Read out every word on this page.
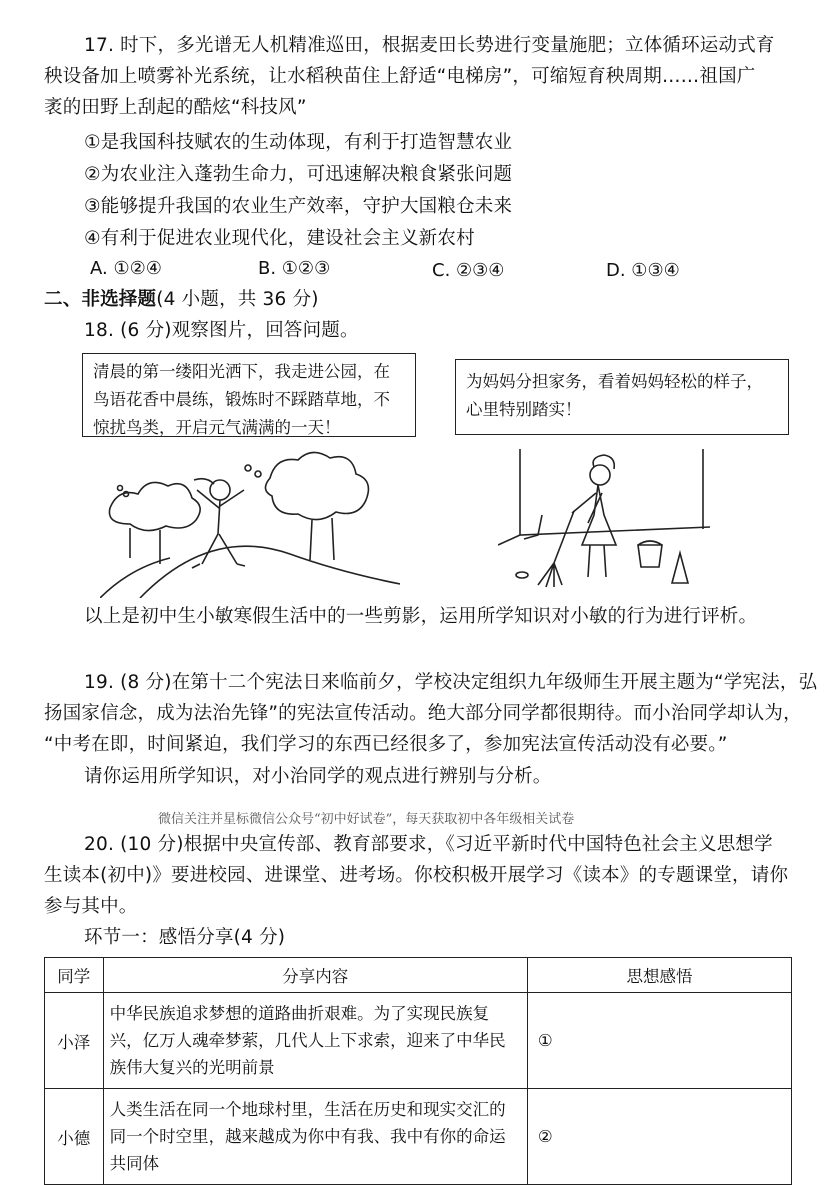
17. 时下，多光谱无人机精准巡田，根据麦田长势进行变量施肥；立体循环运动式育
秧设备加上喷雾补光系统，让水稻秧苗住上舒适“电梯房”，可缩短育秧周期……祖国广
袤的田野上刮起的酷炫“科技风”
①是我国科技赋农的生动体现，有利于打造智慧农业
②为农业注入蓬勃生命力，可迅速解决粮食紧张问题
③能够提升我国的农业生产效率，守护大国粮仓未来
④有利于促进农业现代化，建设社会主义新农村
A. ①②④	B. ①②③	C. ②③④	D. ①③④
二、非选择题(4 小题，共 36 分)
18. (6 分)观察图片，回答问题。
清晨的第一缕阳光洒下，我走进公园，在鸟语花香中晨练，锻炼时不踩踏草地，不惊扰鸟类，开启元气满满的一天！
为妈妈分担家务，看着妈妈轻松的样子，心里特别踏实！
以上是初中生小敏寒假生活中的一些剪影，运用所学知识对小敏的行为进行评析。
19. (8 分)在第十二个宪法日来临前夕，学校决定组织九年级师生开展主题为“学宪法，弘
扬国家信念，成为法治先锋”的宪法宣传活动。绝大部分同学都很期待。而小治同学却认为，
“中考在即，时间紧迫，我们学习的东西已经很多了，参加宪法宣传活动没有必要。”
请你运用所学知识，对小治同学的观点进行辨别与分析。
微信关注并星标微信公众号“初中好试卷”，每天获取初中各年级相关试卷
20. (10 分)根据中央宣传部、教育部要求，《习近平新时代中国特色社会主义思想学
生读本(初中)》要进校园、进课堂、进考场。你校积极开展学习《读本》的专题课堂，请你
参与其中。
环节一：感悟分享(4 分)
同学	分享内容	思想感悟
小泽	中华民族追求梦想的道路曲折艰难。为了实现民族复兴，亿万人魂牵梦萦，几代人上下求索，迎来了中华民族伟大复兴的光明前景	①
小德	人类生活在同一个地球村里，生活在历史和现实交汇的同一个时空里，越来越成为你中有我、我中有你的命运共同体	②
